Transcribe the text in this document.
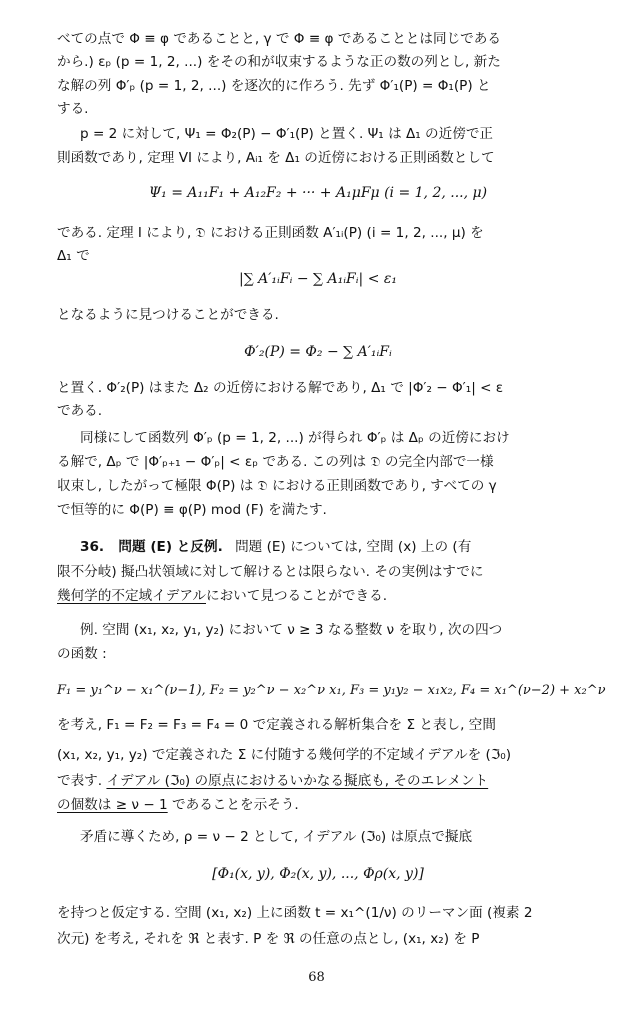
べての点で Φ ≡ φ であることと, γ で Φ ≡ φ であることとは同じである
から.) εₚ (p = 1, 2, ...) をその和が収束するような正の数の列とし, 新た
な解の列 Φ′ₚ (p = 1, 2, ...) を逐次的に作ろう. 先ず Φ′₁(P) = Φ₁(P) と
する.
p = 2 に対して, Ψ₁ = Φ₂(P) − Φ′₁(P) と置く. Ψ₁ は Δ₁ の近傍で正
則函数であり, 定理 VI により, Aᵢ₁ を Δ₁ の近傍における正則函数として
Ψ₁ = A₁₁F₁ + A₁₂F₂ + ··· + A₁μFμ (i = 1, 2, ..., μ)
である. 定理 I により, 𝔇 における正則函数 A′₁ᵢ(P) (i = 1, 2, ..., μ) を
Δ₁ で
|∑ A′₁ᵢFᵢ − ∑ A₁ᵢFᵢ| < ε₁
となるように見つけることができる.
Φ′₂(P) = Φ₂ − ∑ A′₁ᵢFᵢ
と置く. Φ′₂(P) はまた Δ₂ の近傍における解であり, Δ₁ で |Φ′₂ − Φ′₁| < ε
である.
同様にして函数列 Φ′ₚ (p = 1, 2, ...) が得られ Φ′ₚ は Δₚ の近傍におけ
る解で, Δₚ で |Φ′ₚ₊₁ − Φ′ₚ| < εₚ である. この列は 𝔇 の完全内部で一様
収束し, したがって極限 Φ(P) は 𝔇 における正則函数であり, すべての γ
で恒等的に Φ(P) ≡ φ(P) mod (F) を満たす.
36. 問題 (E) と反例. 問題 (E) については, 空間 (x) 上の (有
限不分岐) 擬凸状領域に対して解けるとは限らない. その実例はすでに
幾何学的不定域イデアルにおいて見つることができる.
例. 空間 (x₁, x₂, y₁, y₂) において ν ≥ 3 なる整数 ν を取り, 次の四つ
の函数 :
F₁ = y₁^ν − x₁^(ν−1), F₂ = y₂^ν − x₂^ν x₁, F₃ = y₁y₂ − x₁x₂, F₄ = x₁^(ν−2) + x₂^ν
を考え, F₁ = F₂ = F₃ = F₄ = 0 で定義される解析集合を Σ と表し, 空間
(x₁, x₂, y₁, y₂) で定義された Σ に付随する幾何学的不定域イデアルを (ℑ₀)
で表す. イデアル (ℑ₀) の原点におけるいかなる擬底も, そのエレメント
の個数は ≥ ν − 1 であることを示そう.
矛盾に導くため, ρ = ν − 2 として, イデアル (ℑ₀) は原点で擬底
[Φ₁(x, y), Φ₂(x, y), ..., Φρ(x, y)]
を持つと仮定する. 空間 (x₁, x₂) 上に函数 t = x₁^(1/ν) のリーマン面 (複素 2
次元) を考え, それを ℜ と表す. P を ℜ の任意の点とし, (x₁, x₂) を P
68
